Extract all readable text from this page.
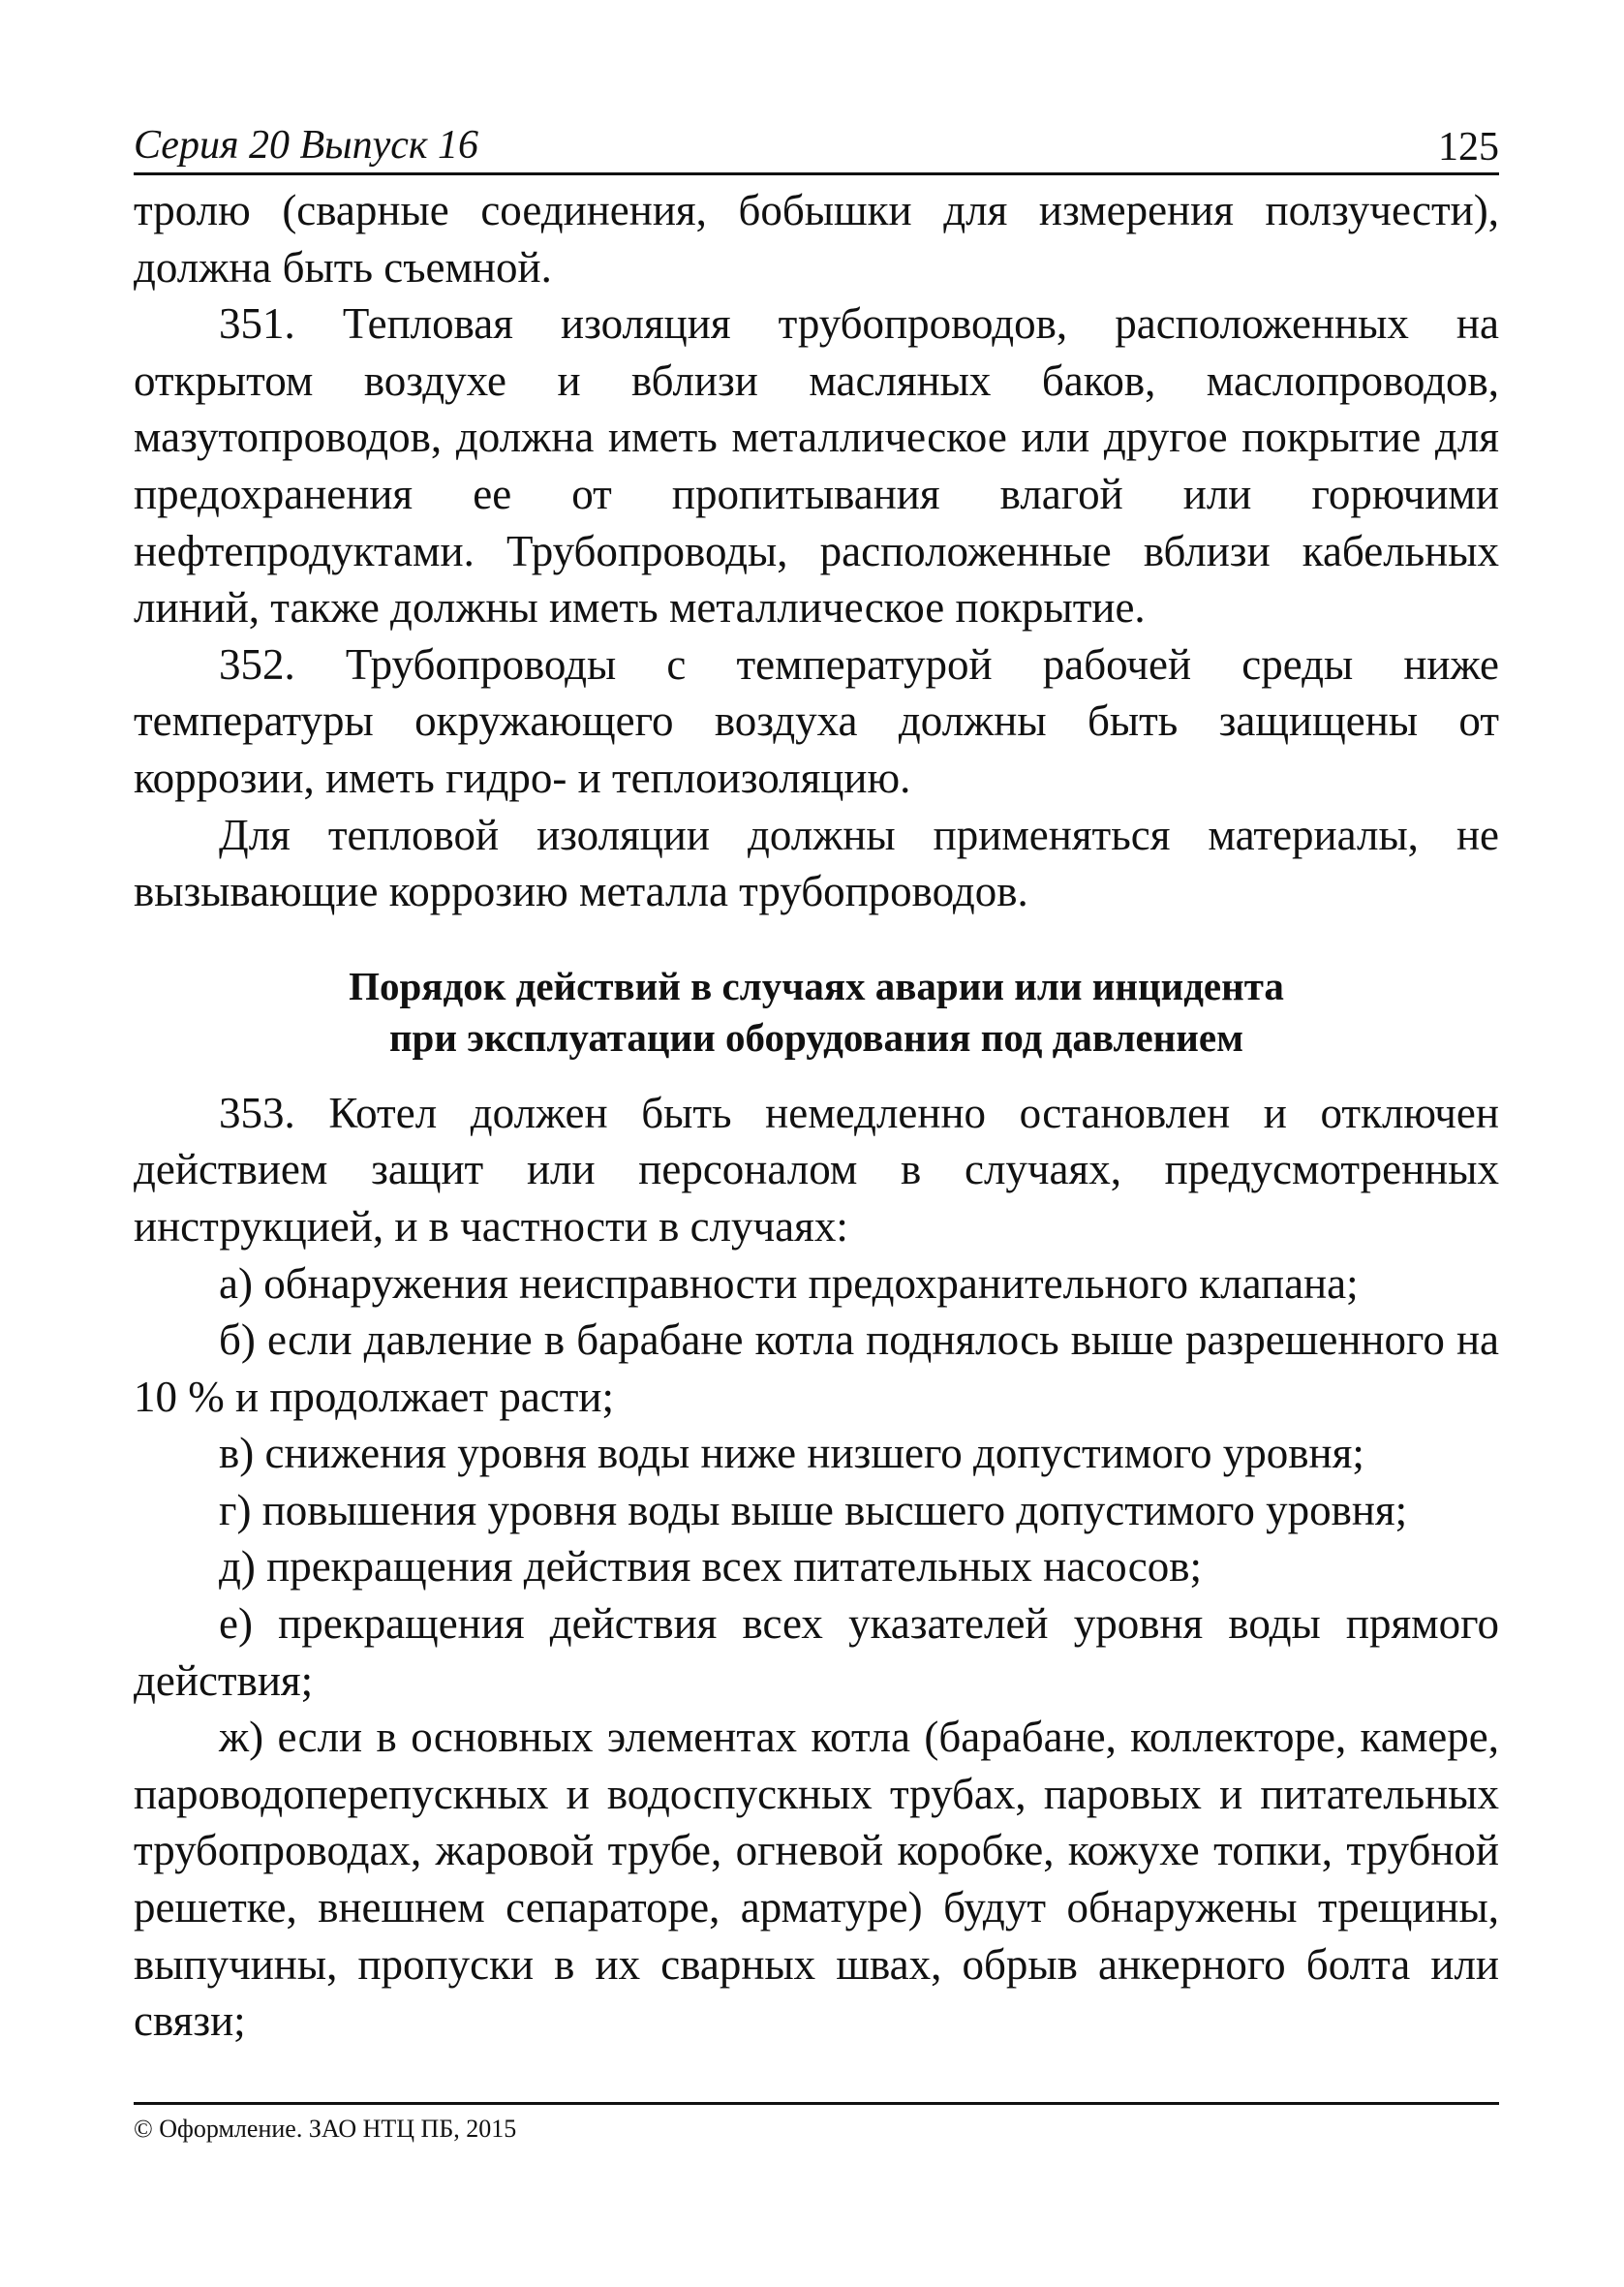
Серия 20 Выпуск 16	125

тролю (сварные соединения, бобышки для измерения ползучести), должна быть съемной.

351. Тепловая изоляция трубопроводов, расположенных на открытом воздухе и вблизи масляных баков, маслопроводов, мазутопроводов, должна иметь металлическое или другое покрытие для предохранения ее от пропитывания влагой или горючими нефтепродуктами. Трубопроводы, расположенные вблизи кабельных линий, также должны иметь металлическое покрытие.

352. Трубопроводы с температурой рабочей среды ниже температуры окружающего воздуха должны быть защищены от коррозии, иметь гидро- и теплоизоляцию.

Для тепловой изоляции должны применяться материалы, не вызывающие коррозию металла трубопроводов.

Порядок действий в случаях аварии или инцидента

при эксплуатации оборудования под давлением

353. Котел должен быть немедленно остановлен и отключен действием защит или персоналом в случаях, предусмотренных инструкцией, и в частности в случаях:

а) обнаружения неисправности предохранительного клапана;

б) если давление в барабане котла поднялось выше разрешенного на 10 % и продолжает расти;

в) снижения уровня воды ниже низшего допустимого уровня;

г) повышения уровня воды выше высшего допустимого уровня;

д) прекращения действия всех питательных насосов;

е) прекращения действия всех указателей уровня воды прямого действия;

ж) если в основных элементах котла (барабане, коллекторе, камере, пароводоперепускных и водоспускных трубах, паровых и питательных трубопроводах, жаровой трубе, огневой коробке, кожухе топки, трубной решетке, внешнем сепараторе, арматуре) будут обнаружены трещины, выпучины, пропуски в их сварных швах, обрыв анкерного болта или связи;

© Оформление. ЗАО НТЦ ПБ, 2015
